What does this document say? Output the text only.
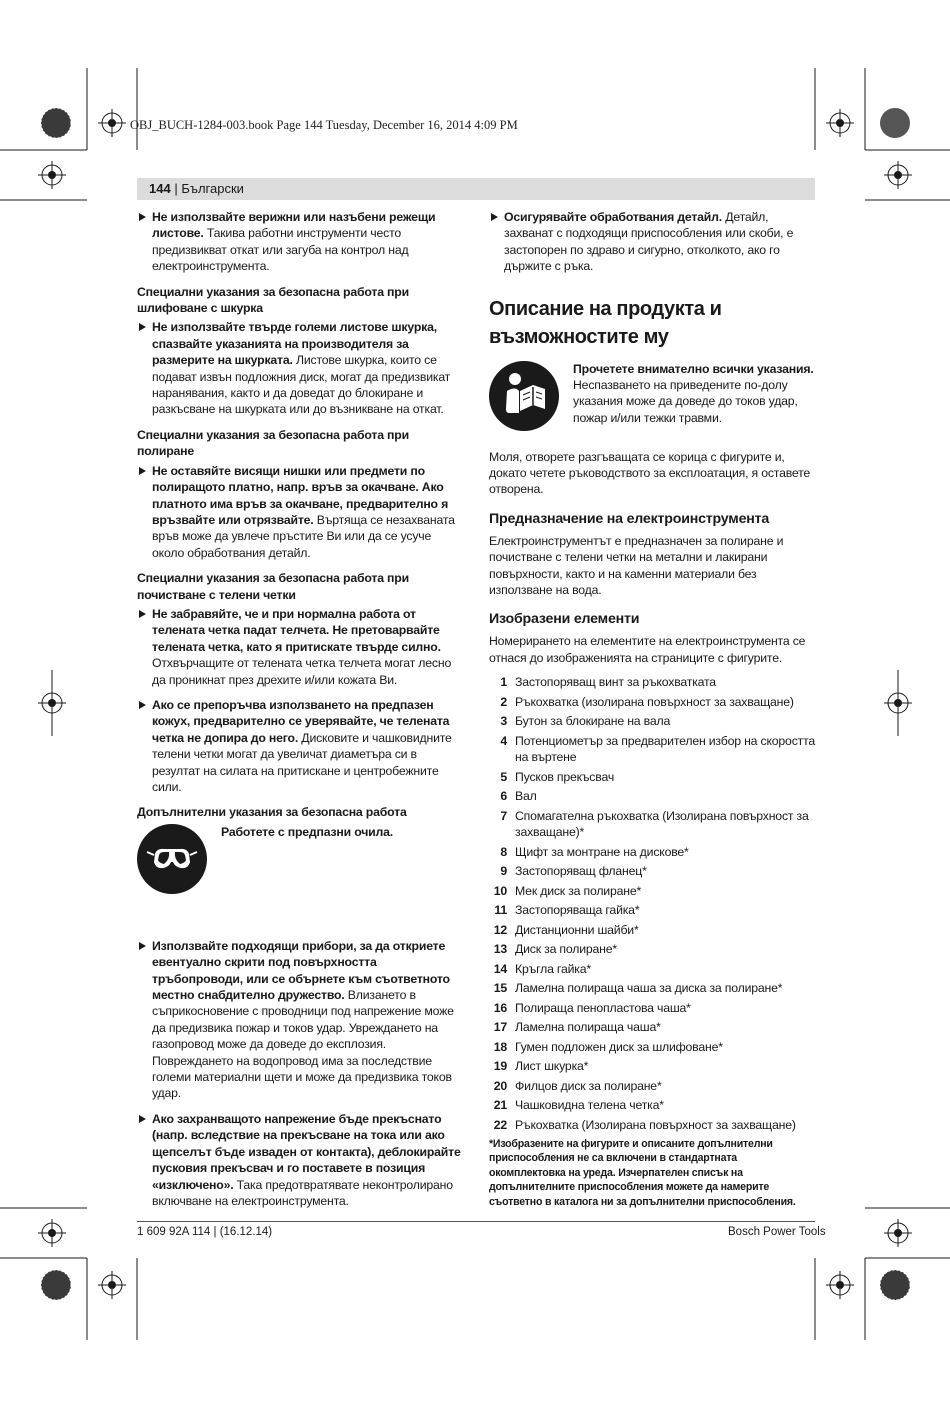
OBJ_BUCH-1284-003.book Page 144 Tuesday, December 16, 2014 4:09 PM
144 | Български
Не използвайте верижни или назъбени режещи листове. Такива работни инструменти често предизвикват откат или загуба на контрол над електроинструмента.
Специални указания за безопасна работа при шлифоване с шкурка
Не използвайте твърде големи листове шкурка, спазвайте указанията на производителя за размерите на шкурката. Листове шкурка, които се подават извън подложния диск, могат да предизвикат наранявания, както и да доведат до блокиране и разкъсване на шкурката или до възникване на откат.
Специални указания за безопасна работа при полиране
Не оставяйте висящи нишки или предмети по полиращото платно, напр. връв за окачване. Ако платното има връв за окачване, предварително я връзвайте или отрязвайте. Въртяща се незахваната връв може да увлече пръстите Ви или да се усуче около обработвания детайл.
Специални указания за безопасна работа при почистване с телени четки
Не забравяйте, че и при нормална работа от телената четка падат телчета. Не претоварвайте телената четка, като я притискате твърде силно. Отхвърчащите от телената четка телчета могат лесно да проникнат през дрехите и/или кожата Ви.
Ако се препоръчва използването на предпазен кожух, предварително се уверявайте, че телената четка не допира до него. Дисковите и чашковидните телени четки могат да увеличат диаметъра си в резултат на силата на притискане и центробежните сили.
Допълнителни указания за безопасна работа
Работете с предпазни очила.
Използвайте подходящи прибори, за да откриете евентуално скрити под повърхността тръбопроводи, или се обърнете към съответното местно снабдително дружество. Влизането в съприкосновение с проводници под напрежение може да предизвика пожар и токов удар. Увреждането на газопровод може да доведе до експлозия. Повреждането на водопровод има за последствие големи материални щети и може да предизвика токов удар.
Ако захранващото напрежение бъде прекъснато (напр. вследствие на прекъсване на тока или ако щепселът бъде изваден от контакта), деблокирайте пусковия прекъсвач и го поставете в позиция «изключено». Така предотвратявате неконтролирано включване на електроинструмента.
Осигурявайте обработвания детайл. Детайл, захванат с подходящи приспособления или скоби, е застопорен по здраво и сигурно, отколкото, ако го държите с ръка.
Описание на продукта и възможностите му
Прочетете внимателно всички указания. Неспазването на приведените по-долу указания може да доведе до токов удар, пожар и/или тежки травми.
Моля, отворете разгъващата се корица с фигурите и, докато четете ръководството за експлоатация, я оставете отворена.
Предназначение на електроинструмента
Електроинструментът е предназначен за полиране и почистване с телени четки на метални и лакирани повърхности, както и на каменни материали без използване на вода.
Изобразени елементи
Номерирането на елементите на електроинструмента се отнася до изображенията на страниците с фигурите.
1 Застопоряващ винт за ръкохватката
2 Ръкохватка (изолирана повърхност за захващане)
3 Бутон за блокиране на вала
4 Потенциометър за предварителен избор на скоростта на въртене
5 Пусков прекъсвач
6 Вал
7 Спомагателна ръкохватка (Изолирана повърхност за захващане)*
8 Щифт за монтране на дискове*
9 Застопоряващ фланец*
10 Мек диск за полиране*
11 Застопоряваща гайка*
12 Дистанционни шайби*
13 Диск за полиране*
14 Кръгла гайка*
15 Ламелна полираща чаша за диска за полиране*
16 Полираща пенопластова чаша*
17 Ламелна полираща чаша*
18 Гумен подложен диск за шлифоване*
19 Лист шкурка*
20 Филцов диск за полиране*
21 Чашковидна телена четка*
22 Ръкохватка (Изолирана повърхност за захващане)
*Изобразените на фигурите и описаните допълнителни приспособления не са включени в стандартната окомплектовка на уреда. Изчерпателен списък на допълнителните приспособления можете да намерите съответно в каталога ни за допълнителни приспособления.
1 609 92A 114 | (16.12.14)	Bosch Power Tools
